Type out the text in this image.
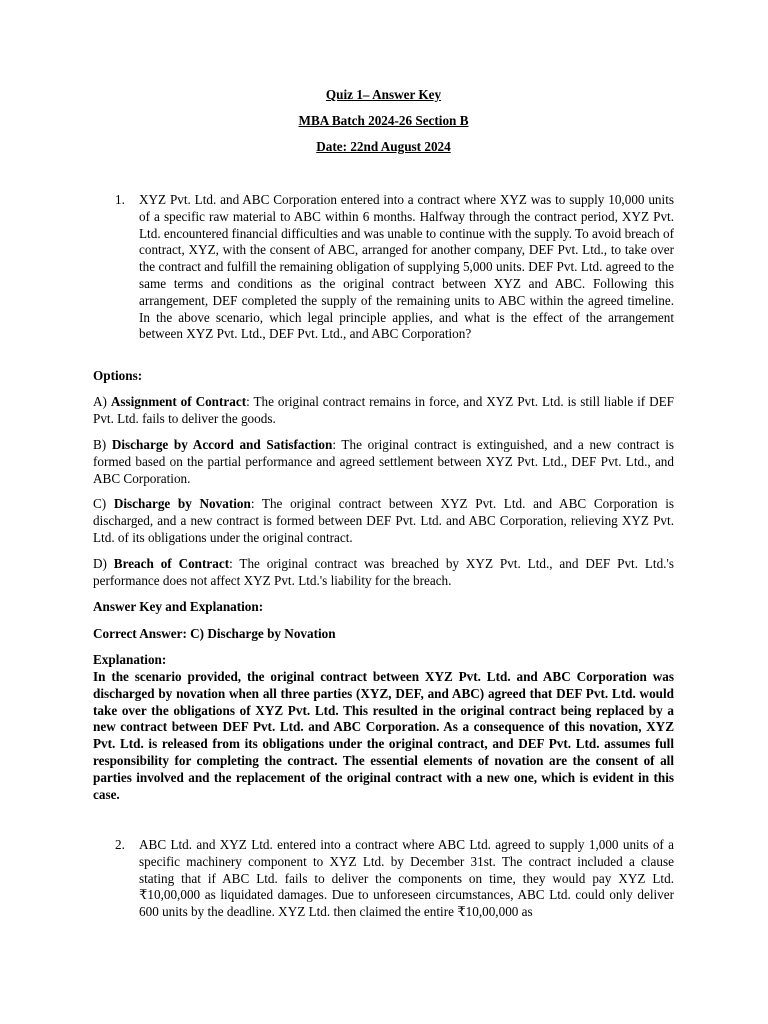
Quiz 1– Answer Key
MBA Batch 2024-26 Section B
Date: 22nd August 2024
1. XYZ Pvt. Ltd. and ABC Corporation entered into a contract where XYZ was to supply 10,000 units of a specific raw material to ABC within 6 months. Halfway through the contract period, XYZ Pvt. Ltd. encountered financial difficulties and was unable to continue with the supply. To avoid breach of contract, XYZ, with the consent of ABC, arranged for another company, DEF Pvt. Ltd., to take over the contract and fulfill the remaining obligation of supplying 5,000 units. DEF Pvt. Ltd. agreed to the same terms and conditions as the original contract between XYZ and ABC. Following this arrangement, DEF completed the supply of the remaining units to ABC within the agreed timeline. In the above scenario, which legal principle applies, and what is the effect of the arrangement between XYZ Pvt. Ltd., DEF Pvt. Ltd., and ABC Corporation?
Options:
A) Assignment of Contract: The original contract remains in force, and XYZ Pvt. Ltd. is still liable if DEF Pvt. Ltd. fails to deliver the goods.
B) Discharge by Accord and Satisfaction: The original contract is extinguished, and a new contract is formed based on the partial performance and agreed settlement between XYZ Pvt. Ltd., DEF Pvt. Ltd., and ABC Corporation.
C) Discharge by Novation: The original contract between XYZ Pvt. Ltd. and ABC Corporation is discharged, and a new contract is formed between DEF Pvt. Ltd. and ABC Corporation, relieving XYZ Pvt. Ltd. of its obligations under the original contract.
D) Breach of Contract: The original contract was breached by XYZ Pvt. Ltd., and DEF Pvt. Ltd.'s performance does not affect XYZ Pvt. Ltd.'s liability for the breach.
Answer Key and Explanation:
Correct Answer: C) Discharge by Novation
Explanation:
In the scenario provided, the original contract between XYZ Pvt. Ltd. and ABC Corporation was discharged by novation when all three parties (XYZ, DEF, and ABC) agreed that DEF Pvt. Ltd. would take over the obligations of XYZ Pvt. Ltd. This resulted in the original contract being replaced by a new contract between DEF Pvt. Ltd. and ABC Corporation. As a consequence of this novation, XYZ Pvt. Ltd. is released from its obligations under the original contract, and DEF Pvt. Ltd. assumes full responsibility for completing the contract. The essential elements of novation are the consent of all parties involved and the replacement of the original contract with a new one, which is evident in this case.
2. ABC Ltd. and XYZ Ltd. entered into a contract where ABC Ltd. agreed to supply 1,000 units of a specific machinery component to XYZ Ltd. by December 31st. The contract included a clause stating that if ABC Ltd. fails to deliver the components on time, they would pay XYZ Ltd. ₹10,00,000 as liquidated damages. Due to unforeseen circumstances, ABC Ltd. could only deliver 600 units by the deadline. XYZ Ltd. then claimed the entire ₹10,00,000 as
